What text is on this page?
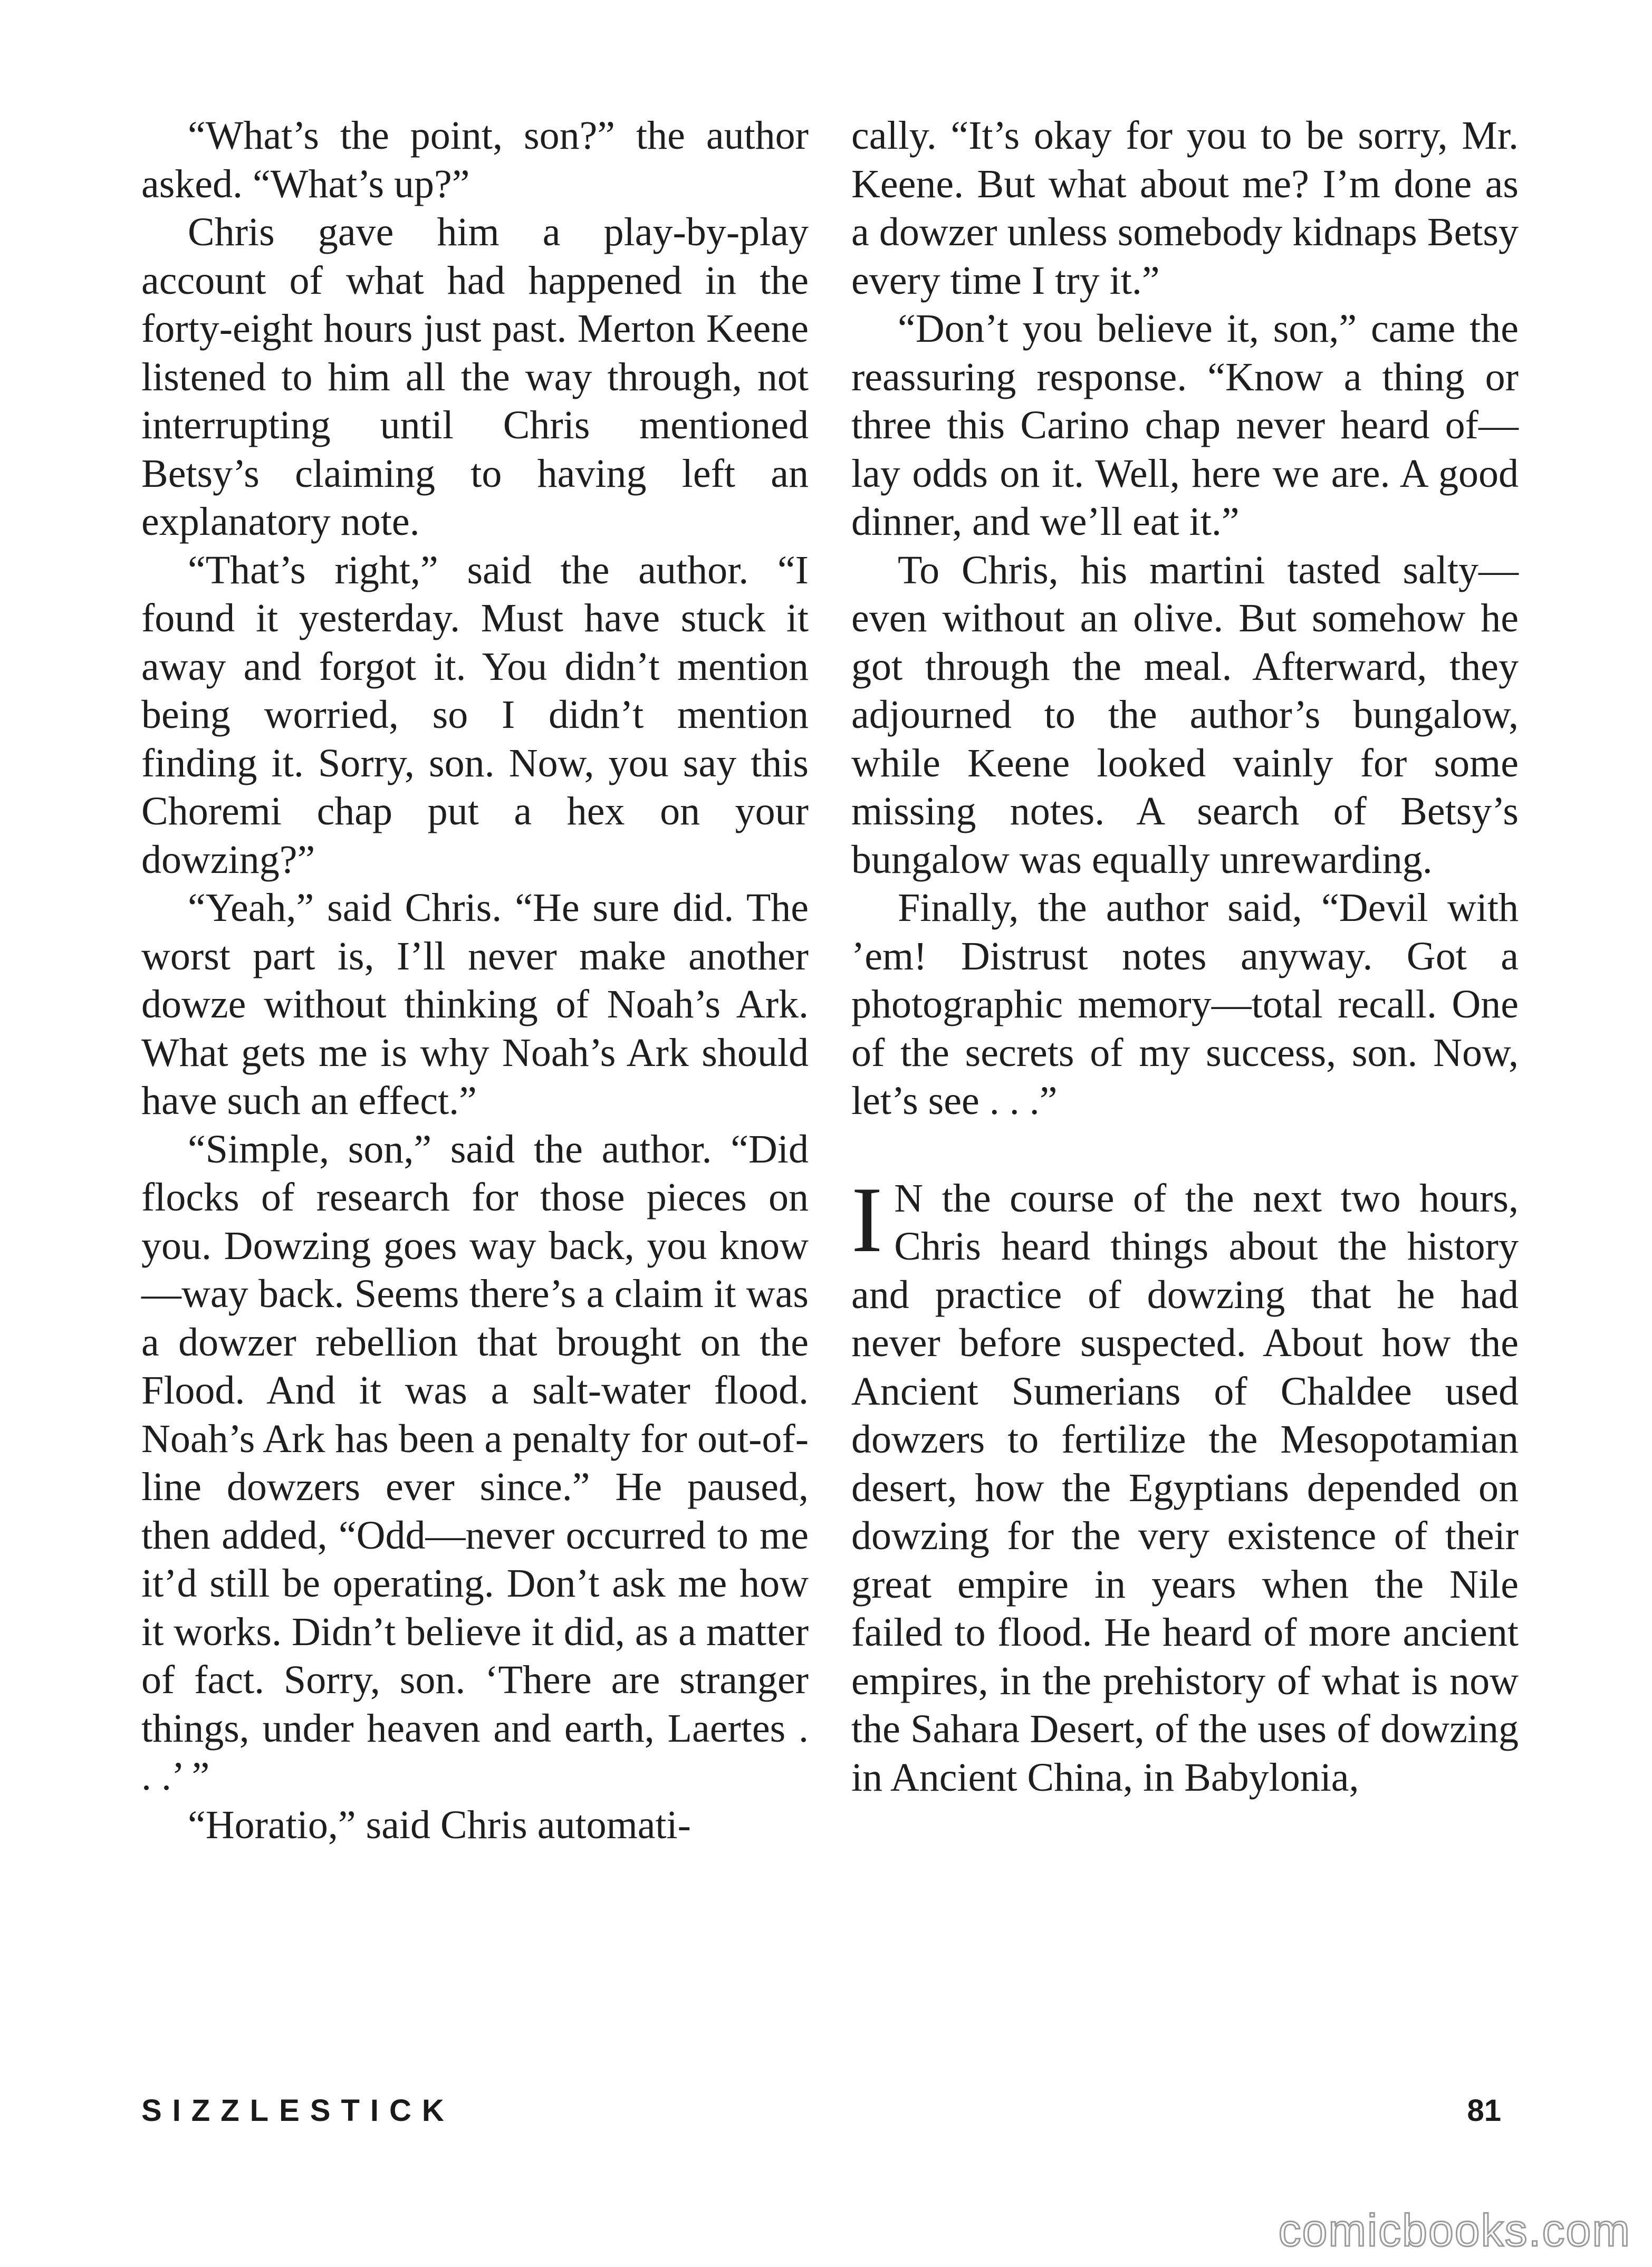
“What’s the point, son?” the author asked. “What’s up?”

Chris gave him a play-by-play account of what had happened in the forty-eight hours just past. Merton Keene listened to him all the way through, not interrupting until Chris mentioned Betsy’s claiming to having left an explanatory note.

“That’s right,” said the author. “I found it yesterday. Must have stuck it away and forgot it. You didn’t mention being worried, so I didn’t mention finding it. Sorry, son. Now, you say this Choremi chap put a hex on your dowzing?”

“Yeah,” said Chris. “He sure did. The worst part is, I’ll never make another dowze without thinking of Noah’s Ark. What gets me is why Noah’s Ark should have such an effect.”

“Simple, son,” said the author. “Did flocks of research for those pieces on you. Dowzing goes way back, you know—way back. Seems there’s a claim it was a dowzer rebellion that brought on the Flood. And it was a salt-water flood. Noah’s Ark has been a penalty for out-of-line dowzers ever since.” He paused, then added, “Odd—never occurred to me it’d still be operating. Don’t ask me how it works. Didn’t believe it did, as a matter of fact. Sorry, son. ‘There are stranger things, under heaven and earth, Laertes . . .’ ”

“Horatio,” said Chris automati-

cally. “It’s okay for you to be sorry, Mr. Keene. But what about me? I’m done as a dowzer unless somebody kidnaps Betsy every time I try it.”

“Don’t you believe it, son,” came the reassuring response. “Know a thing or three this Carino chap never heard of—lay odds on it. Well, here we are. A good dinner, and we’ll eat it.”

To Chris, his martini tasted salty—even without an olive. But somehow he got through the meal. Afterward, they adjourned to the author’s bungalow, while Keene looked vainly for some missing notes. A search of Betsy’s bungalow was equally unrewarding.

Finally, the author said, “Devil with ’em! Distrust notes anyway. Got a photographic memory—total recall. One of the secrets of my success, son. Now, let’s see . . .”

I N the course of the next two hours, Chris heard things about the history and practice of dowzing that he had never before suspected. About how the Ancient Sumerians of Chaldee used dowzers to fertilize the Mesopotamian desert, how the Egyptians depended on dowzing for the very existence of their great empire in years when the Nile failed to flood. He heard of more ancient empires, in the prehistory of what is now the Sahara Desert, of the uses of dowzing in Ancient China, in Babylonia,

SIZZLESTICK	81
comicbooks.com
